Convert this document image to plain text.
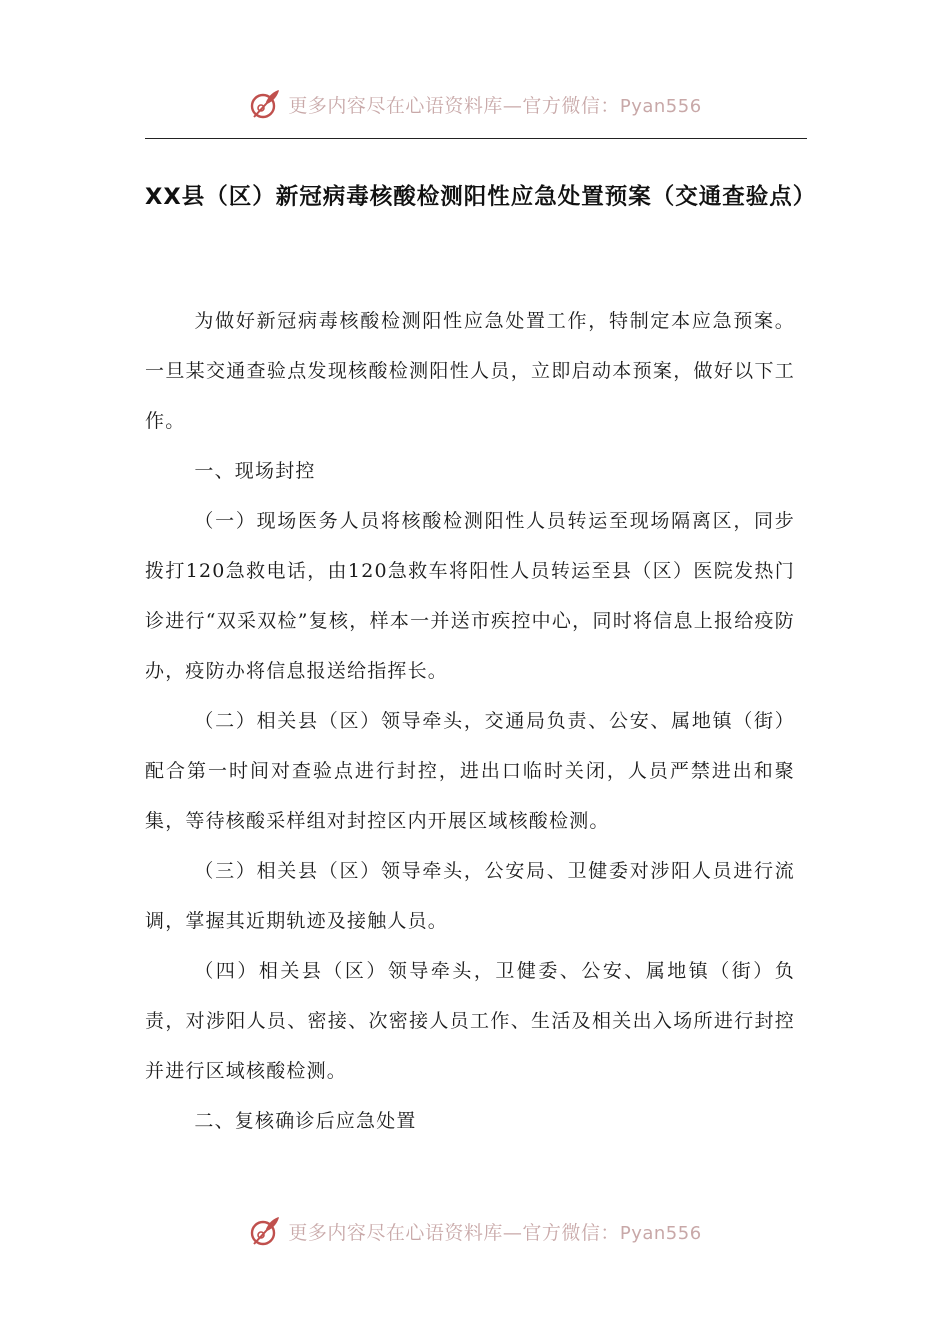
更多内容尽在心语资料库—官方微信：Pyan556
XX县（区）新冠病毒核酸检测阳性应急处置预案（交通查验点）

为做好新冠病毒核酸检测阳性应急处置工作，特制定本应急预案。一旦某交通查验点发现核酸检测阳性人员，立即启动本预案，做好以下工作。

一、现场封控

（一）现场医务人员将核酸检测阳性人员转运至现场隔离区，同步拨打120急救电话，由120急救车将阳性人员转运至县（区）医院发热门诊进行“双采双检”复核，样本一并送市疾控中心，同时将信息上报给疫防办，疫防办将信息报送给指挥长。

（二）相关县（区）领导牵头，交通局负责、公安、属地镇（街）配合第一时间对查验点进行封控，进出口临时关闭，人员严禁进出和聚集，等待核酸采样组对封控区内开展区域核酸检测。

（三）相关县（区）领导牵头，公安局、卫健委对涉阳人员进行流调，掌握其近期轨迹及接触人员。

（四）相关县（区）领导牵头，卫健委、公安、属地镇（街）负责，对涉阳人员、密接、次密接人员工作、生活及相关出入场所进行封控并进行区域核酸检测。

二、复核确诊后应急处置

更多内容尽在心语资料库—官方微信：Pyan556
